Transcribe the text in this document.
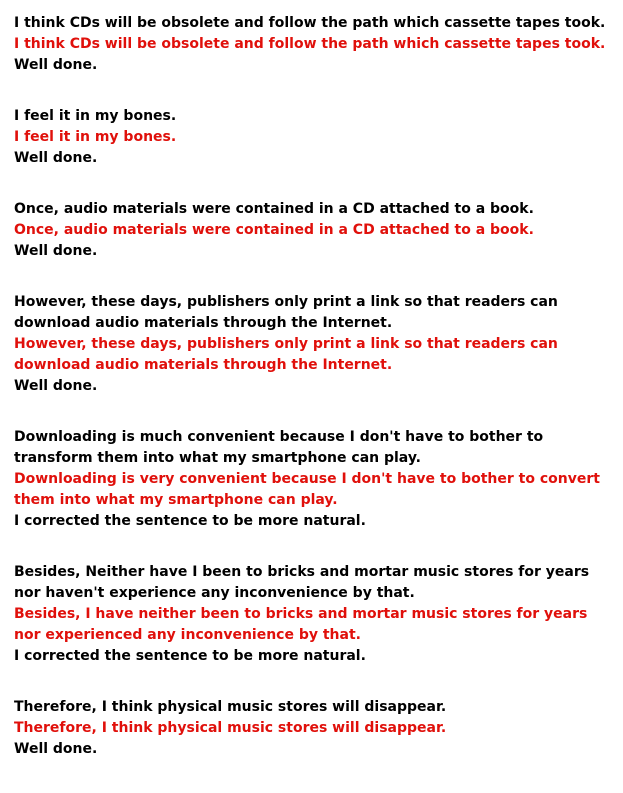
I think CDs will be obsolete and follow the path which cassette tapes took.
I think CDs will be obsolete and follow the path which cassette tapes took.
Well done.
I feel it in my bones.
I feel it in my bones.
Well done.
Once, audio materials were contained in a CD attached to a book.
Once, audio materials were contained in a CD attached to a book.
Well done.
However, these days, publishers only print a link so that readers can download audio materials through the Internet.
However, these days, publishers only print a link so that readers can download audio materials through the Internet.
Well done.
Downloading is much convenient because I don't have to bother to transform them into what my smartphone can play.
Downloading is very convenient because I don't have to bother to convert them into what my smartphone can play.
I corrected the sentence to be more natural.
Besides, Neither have I been to bricks and mortar music stores for years nor haven't experience any inconvenience by that.
Besides, I have neither been to bricks and mortar music stores for years nor experienced any inconvenience by that.
I corrected the sentence to be more natural.
Therefore, I think physical music stores will disappear.
Therefore, I think physical music stores will disappear.
Well done.
